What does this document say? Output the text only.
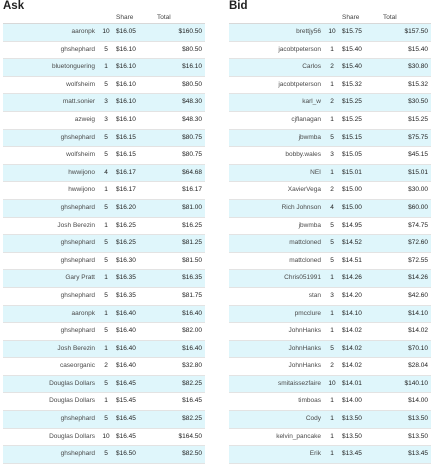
Ask
		Share	Total
aaronpk	10	$16.05	$160.50
ghshephard	5	$16.10	$80.50
bluetonguering	1	$16.10	$16.10
wolfsheim	5	$16.10	$80.50
matt.sonier	3	$16.10	$48.30
azweig	3	$16.10	$48.30
ghshephard	5	$16.15	$80.75
wolfsheim	5	$16.15	$80.75
hwwijono	4	$16.17	$64.68
hwwijono	1	$16.17	$16.17
ghshephard	5	$16.20	$81.00
Josh Berezin	1	$16.25	$16.25
ghshephard	5	$16.25	$81.25
ghshephard	5	$16.30	$81.50
Gary Pratt	1	$16.35	$16.35
ghshephard	5	$16.35	$81.75
aaronpk	1	$16.40	$16.40
ghshephard	5	$16.40	$82.00
Josh Berezin	1	$16.40	$16.40
caseorganic	2	$16.40	$32.80
Douglas Dollars	5	$16.45	$82.25
Douglas Dollars	1	$15.45	$16.45
ghshephard	5	$16.45	$82.25
Douglas Dollars	10	$16.45	$164.50
ghshephard	5	$16.50	$82.50
Bid
		Share	Total
brettjy56	10	$15.75	$157.50
jacobtpeterson	1	$15.40	$15.40
Carlos	2	$15.40	$30.80
jacobtpeterson	1	$15.32	$15.32
karl_w	2	$15.25	$30.50
cjflanagan	1	$15.25	$15.25
jbwmba	5	$15.15	$75.75
bobby.wales	3	$15.05	$45.15
NEI	1	$15.01	$15.01
XavierVega	2	$15.00	$30.00
Rich Johnson	4	$15.00	$60.00
jbwmba	5	$14.95	$74.75
mattcloned	5	$14.52	$72.60
mattcloned	5	$14.51	$72.55
Chris051991	1	$14.26	$14.26
stan	3	$14.20	$42.60
pmcclure	1	$14.10	$14.10
JohnHanks	1	$14.02	$14.02
JohnHanks	5	$14.02	$70.10
JohnHanks	2	$14.02	$28.04
smitaissezfaire	10	$14.01	$140.10
timboas	1	$14.00	$14.00
Cody	1	$13.50	$13.50
kelvin_pancake	1	$13.50	$13.50
Erik	1	$13.45	$13.45
